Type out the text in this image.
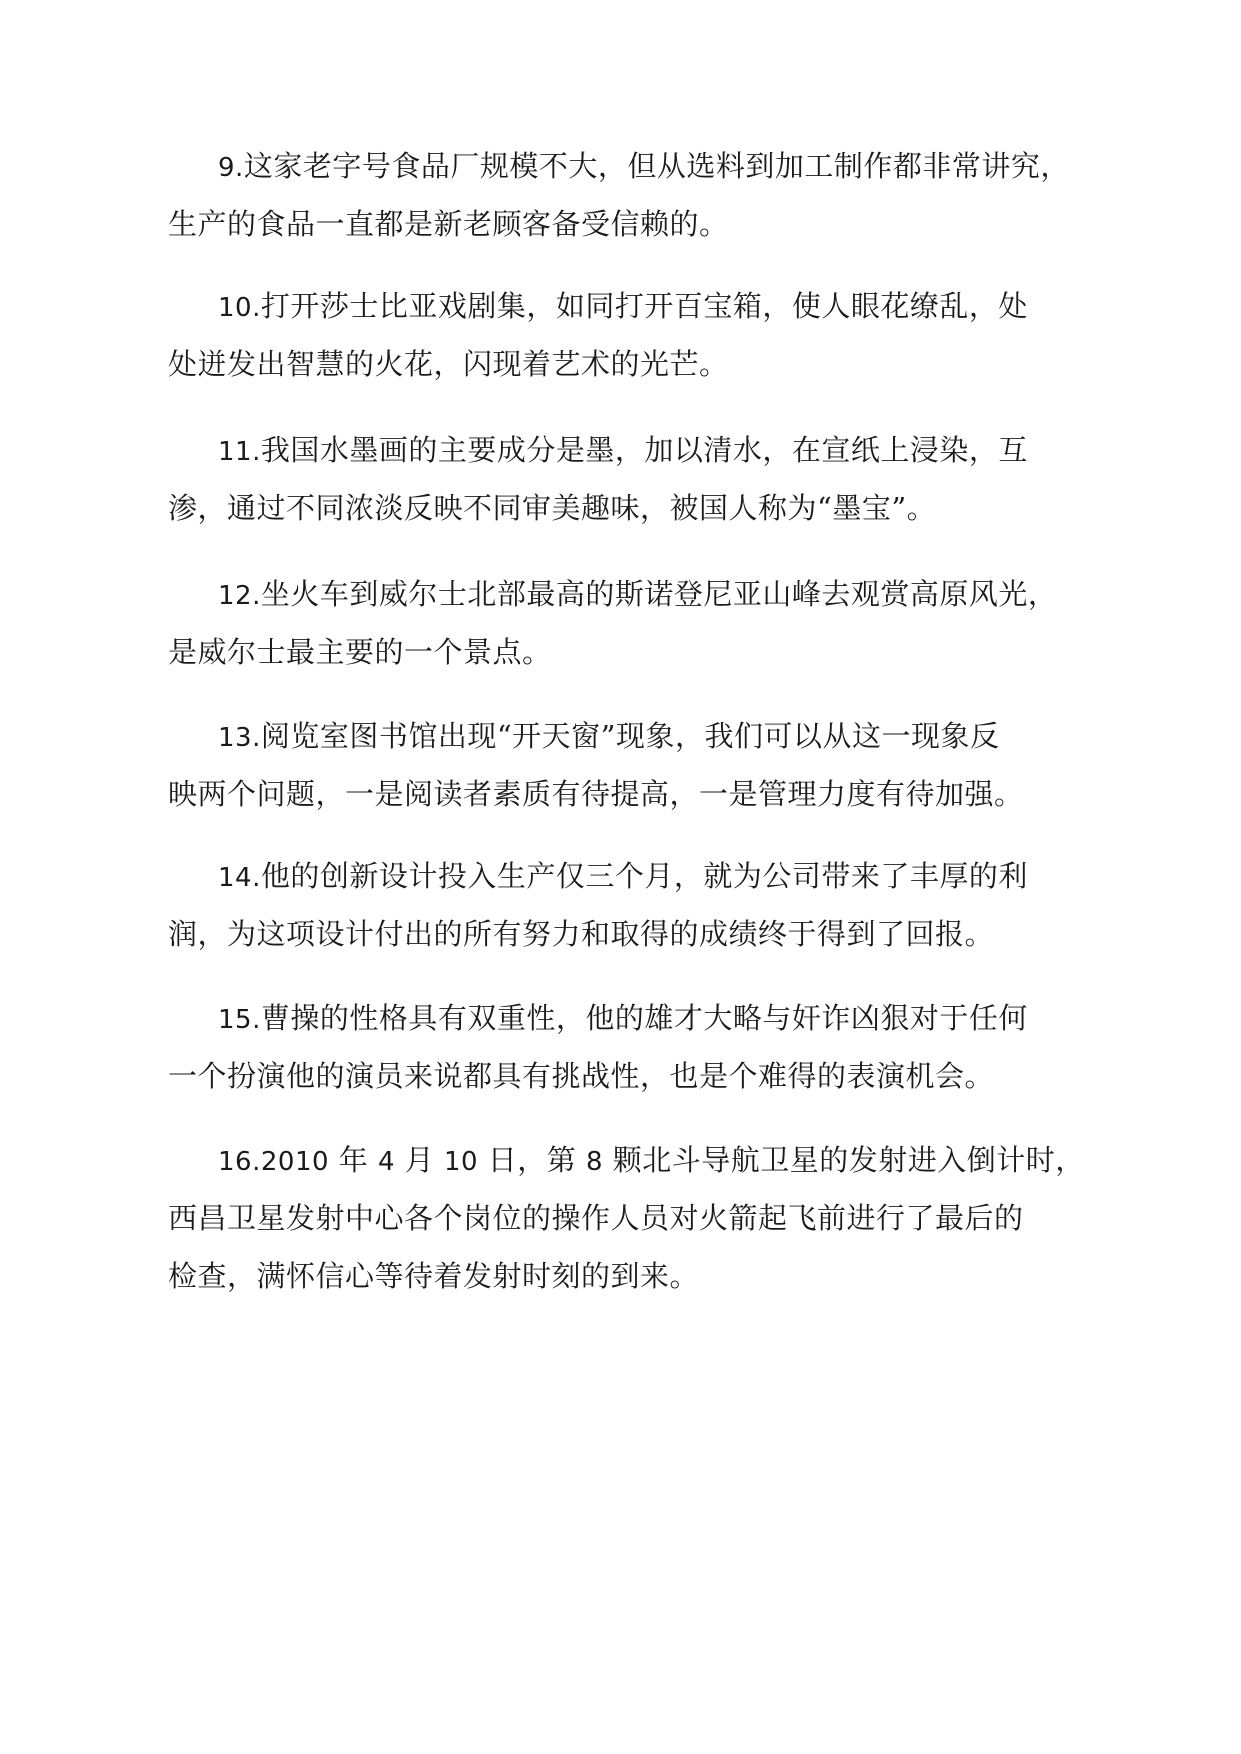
9.这家老字号食品厂规模不大，但从选料到加工制作都非常讲究，
生产的食品一直都是新老顾客备受信赖的。
10.打开莎士比亚戏剧集，如同打开百宝箱，使人眼花缭乱，处
处迸发出智慧的火花，闪现着艺术的光芒。
11.我国水墨画的主要成分是墨，加以清水，在宣纸上浸染，互
渗，通过不同浓淡反映不同审美趣味，被国人称为“墨宝”。
12.坐火车到威尔士北部最高的斯诺登尼亚山峰去观赏高原风光，
是威尔士最主要的一个景点。
13.阅览室图书馆出现“开天窗”现象，我们可以从这一现象反
映两个问题，一是阅读者素质有待提高，一是管理力度有待加强。
14.他的创新设计投入生产仅三个月，就为公司带来了丰厚的利
润，为这项设计付出的所有努力和取得的成绩终于得到了回报。
15.曹操的性格具有双重性，他的雄才大略与奸诈凶狠对于任何
一个扮演他的演员来说都具有挑战性，也是个难得的表演机会。
16.2010 年 4 月 10 日，第 8 颗北斗导航卫星的发射进入倒计时，
西昌卫星发射中心各个岗位的操作人员对火箭起飞前进行了最后的
检查，满怀信心等待着发射时刻的到来。
